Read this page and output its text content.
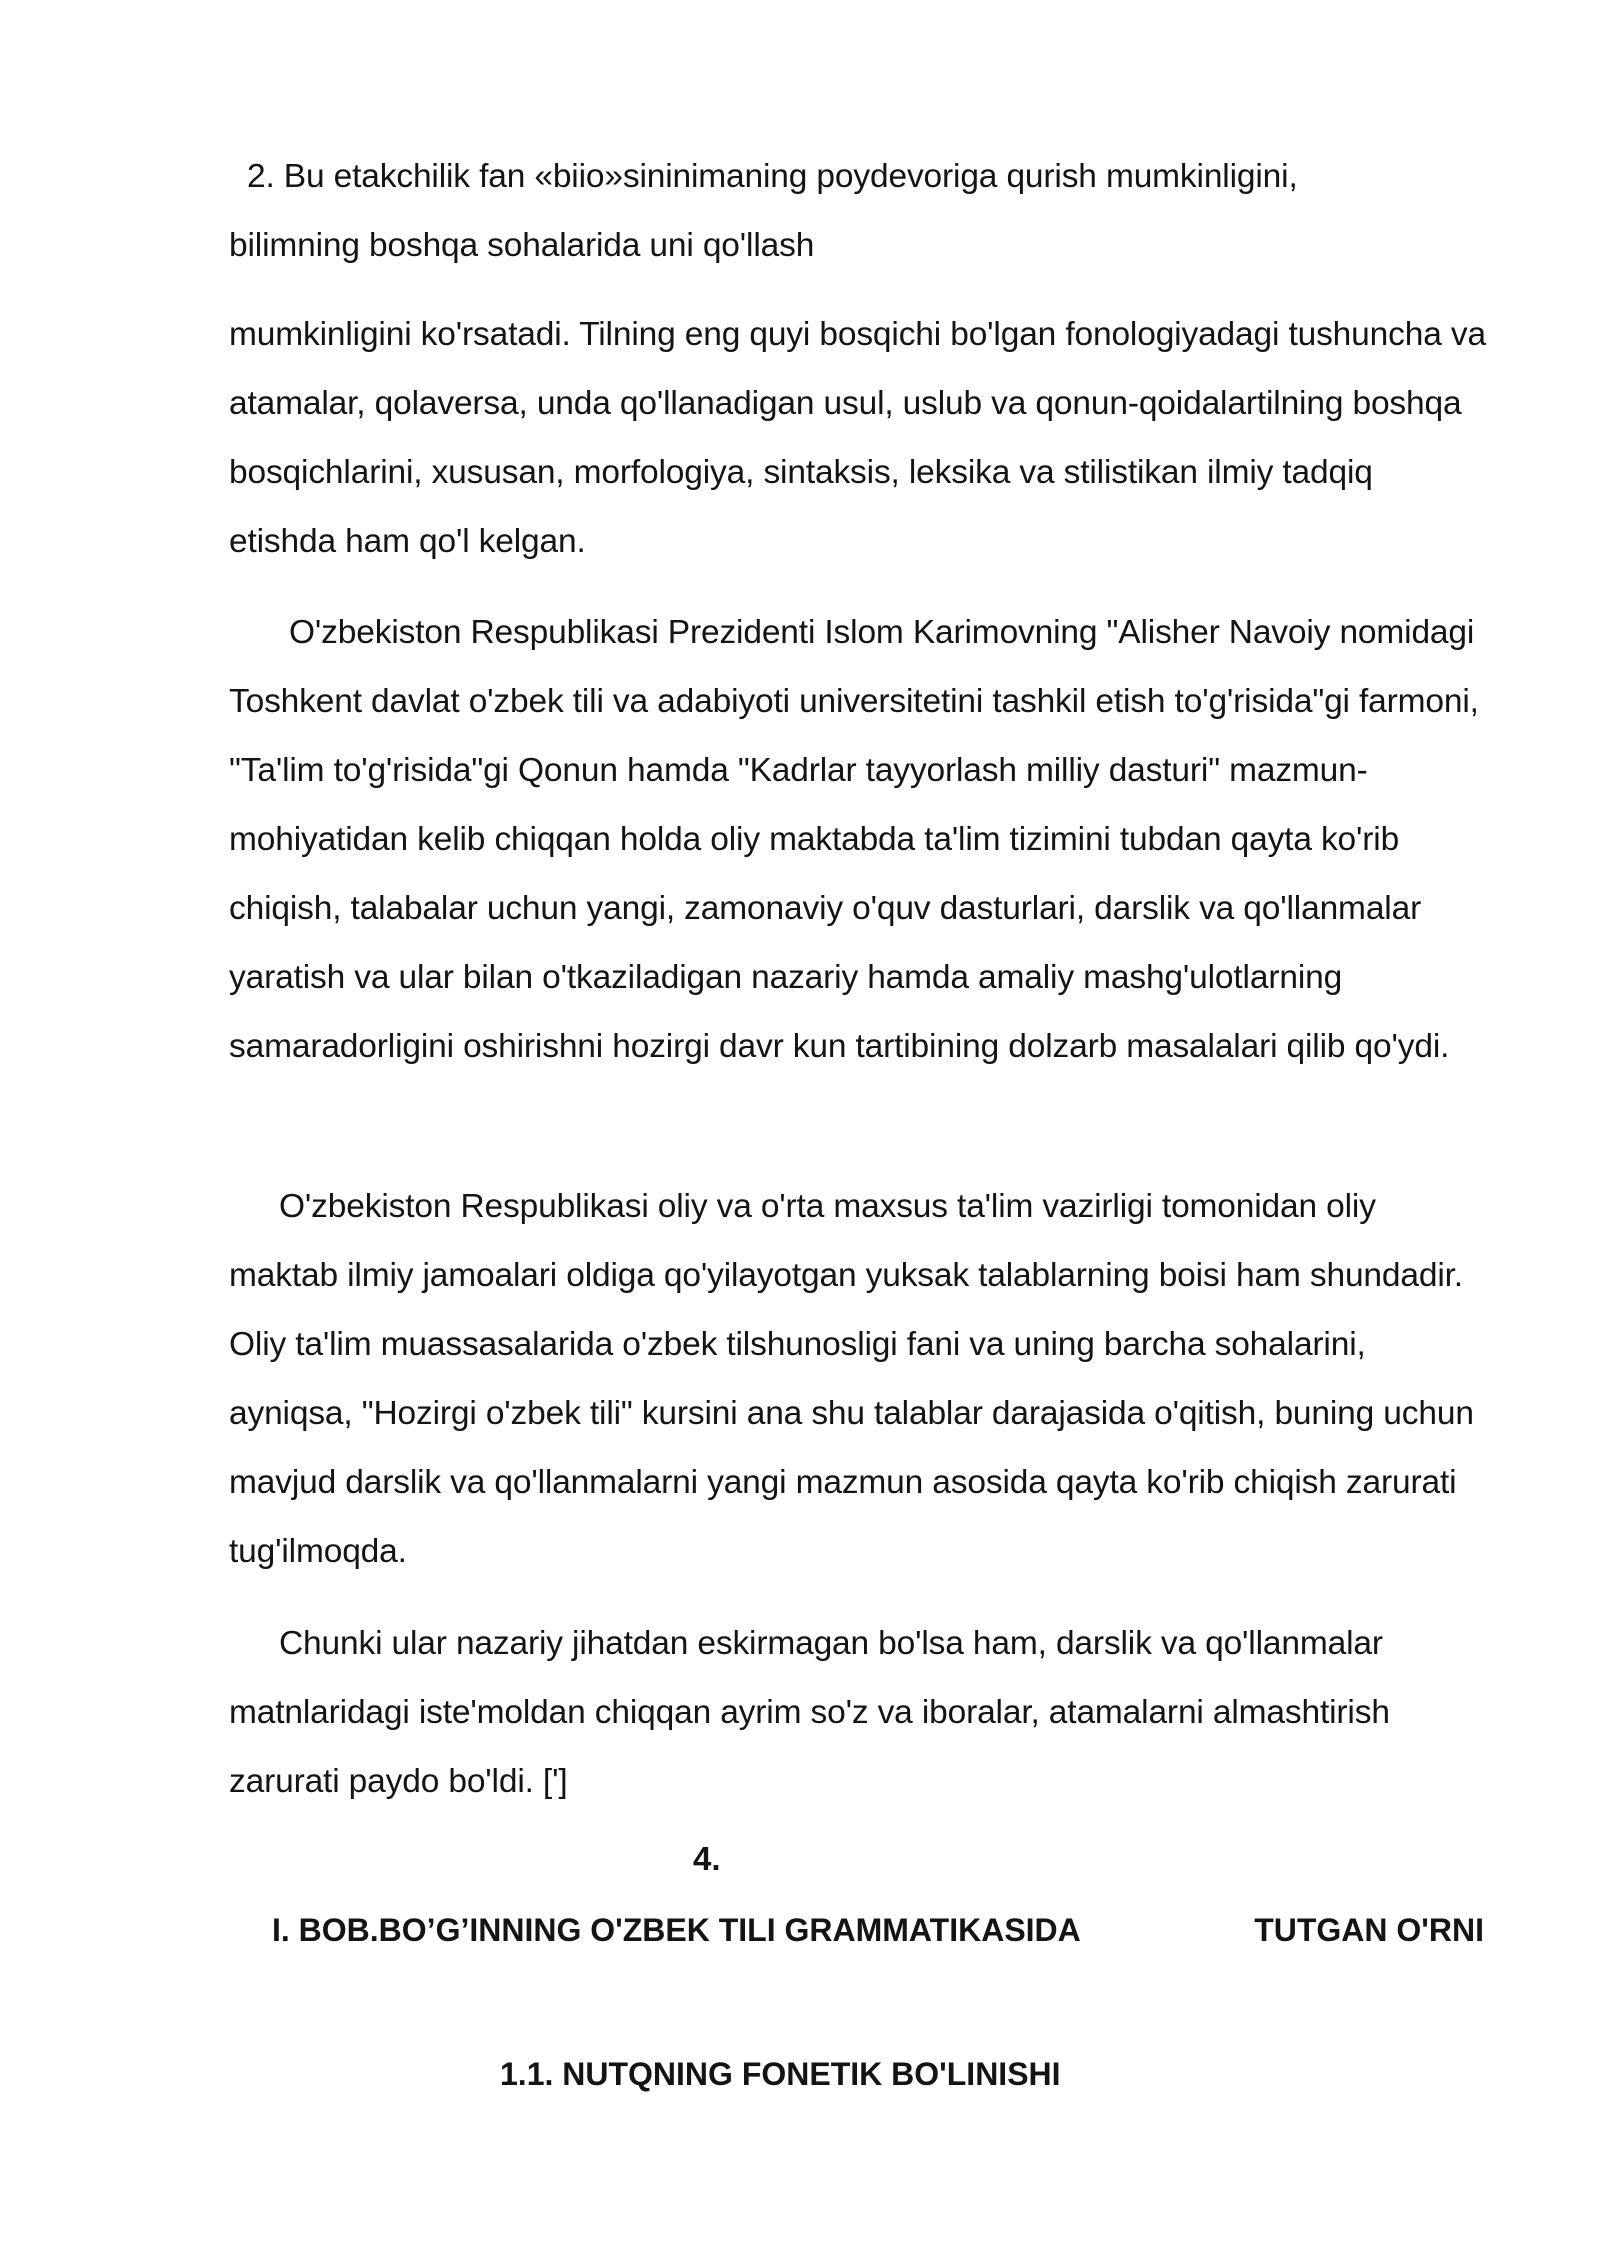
2. Bu etakchilik fan «biio»sininimaning poydevoriga qurish mumkinligini,
bilimning boshqa sohalarida uni qo'llash

mumkinligini ko'rsatadi. Tilning eng quyi bosqichi bo'lgan fonologiyadagi tushuncha va atamalar, qolaversa, unda qo'llanadigan usul, uslub va qonun-qoidalartilning boshqa bosqichlarini, xususan, morfologiya, sintaksis, leksika va stilistikan ilmiy tadqiq etishda ham qo'l kelgan.

O'zbekiston Respublikasi Prezidenti Islom Karimovning "Alisher Navoiy nomidagi Toshkent davlat o'zbek tili va adabiyoti universitetini tashkil etish to'g'risida"gi farmoni, "Ta'lim to'g'risida"gi Qonun hamda "Kadrlar tayyorlash milliy dasturi" mazmun-mohiyatidan kelib chiqqan holda oliy maktabda ta'lim tizimini tubdan qayta ko'rib chiqish, talabalar uchun yangi, zamonaviy o'quv dasturlari, darslik va qo'llanmalar yaratish va ular bilan o'tkaziladigan nazariy hamda amaliy mashg'ulotlarning samaradorligini oshirishni hozirgi davr kun tartibining dolzarb masalalari qilib qo'ydi.

O'zbekiston Respublikasi oliy va o'rta maxsus ta'lim vazirligi tomonidan oliy maktab ilmiy jamoalari oldiga qo'yilayotgan yuksak talablarning boisi ham shundadir. Oliy ta'lim muassasalarida o'zbek tilshunosligi fani va uning barcha sohalarini, ayniqsa, "Hozirgi o'zbek tili" kursini ana shu talablar darajasida o'qitish, buning uchun mavjud darslik va qo'llanmalarni yangi mazmun asosida qayta ko'rib chiqish zarurati tug'ilmoqda.

Chunki ular nazariy jihatdan eskirmagan bo'lsa ham, darslik va qo'llanmalar matnlaridagi iste'moldan chiqqan ayrim so'z va iboralar, atamalarni almashtirish zarurati paydo bo'ldi. [']

4.
I. BOB.BO’G’INNING O'ZBEK TILI GRAMMATIKASIDA	TUTGAN O'RNI
1.1. NUTQNING FONETIK BO'LINISHI
